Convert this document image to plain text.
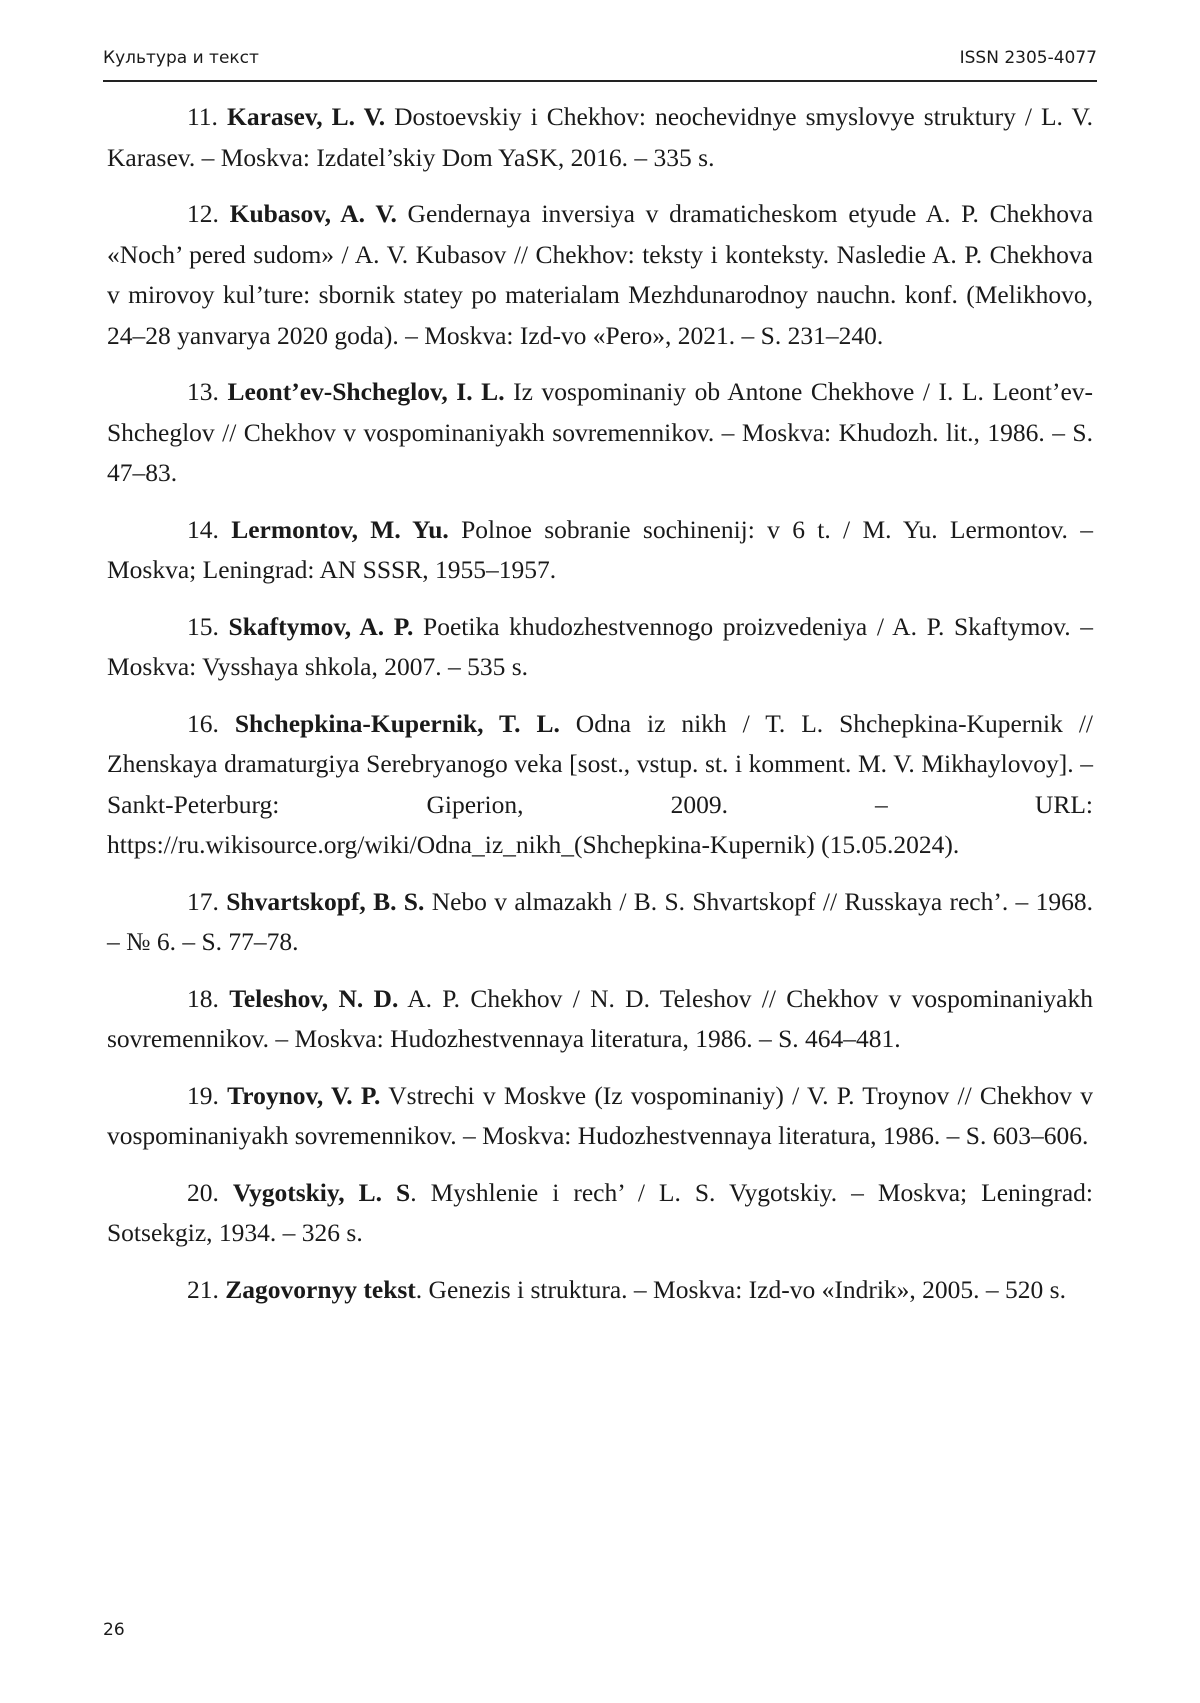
Культура и текст	ISSN 2305-4077

11. Karasev, L. V. Dostoevskiy i Chekhov: neochevidnye smyslovye struktury / L. V. Karasev. – Moskva: Izdatel’skiy Dom YaSK, 2016. – 335 s.

12. Kubasov, A. V. Gendernaya inversiya v dramaticheskom etyude A. P. Chekhova «Noch’ pered sudom» / A. V. Kubasov // Chekhov: teksty i konteksty. Nasledie A. P. Chekhova v mirovoy kul’ture: sbornik statey po materialam Mezhdunarodnoy nauchn. konf. (Melikhovo, 24–28 yanvarya 2020 goda). – Moskva: Izd-vo «Pero», 2021. – S. 231–240.

13. Leont’ev-Shcheglov, I. L. Iz vospominaniy ob Antone Chekhove / I. L. Leont’ev-Shcheglov // Chekhov v vospominaniyakh sovremennikov. – Moskva: Khudozh. lit., 1986. – S. 47–83.

14. Lermontov, M. Yu. Polnoe sobranie sochinenij: v 6 t. / M. Yu. Lermontov. – Moskva; Leningrad: AN SSSR, 1955–1957.

15. Skaftymov, A. P. Poetika khudozhestvennogo proizvedeniya / A. P. Skaftymov. – Moskva: Vysshaya shkola, 2007. – 535 s.

16. Shchepkina-Kupernik, T. L. Odna iz nikh / T. L. Shchepkina-Kupernik // Zhenskaya dramaturgiya Serebryanogo veka [sost., vstup. st. i komment. M. V. Mikhaylovoy]. – Sankt-Peterburg: Giperion, 2009. – URL: https://ru.wikisource.org/wiki/Odna_iz_nikh_(Shchepkina-Kupernik) (15.05.2024).

17. Shvartskopf, B. S. Nebo v almazakh / B. S. Shvartskopf // Russkaya rech’. – 1968. – № 6. – S. 77–78.

18. Teleshov, N. D. A. P. Chekhov / N. D. Teleshov // Chekhov v vospominaniyakh sovremennikov. – Moskva: Hudozhestvennaya literatura, 1986. – S. 464–481.

19. Troynov, V. P. Vstrechi v Moskve (Iz vospominaniy) / V. P. Troynov // Chekhov v vospominaniyakh sovremennikov. – Moskva: Hudozhestvennaya literatura, 1986. – S. 603–606.

20. Vygotskiy, L. S. Myshlenie i rech’ / L. S. Vygotskiy. – Moskva; Leningrad: Sotsekgiz, 1934. – 326 s.

21. Zagovornyy tekst. Genezis i struktura. – Moskva: Izd-vo «Indrik», 2005. – 520 s.

26
